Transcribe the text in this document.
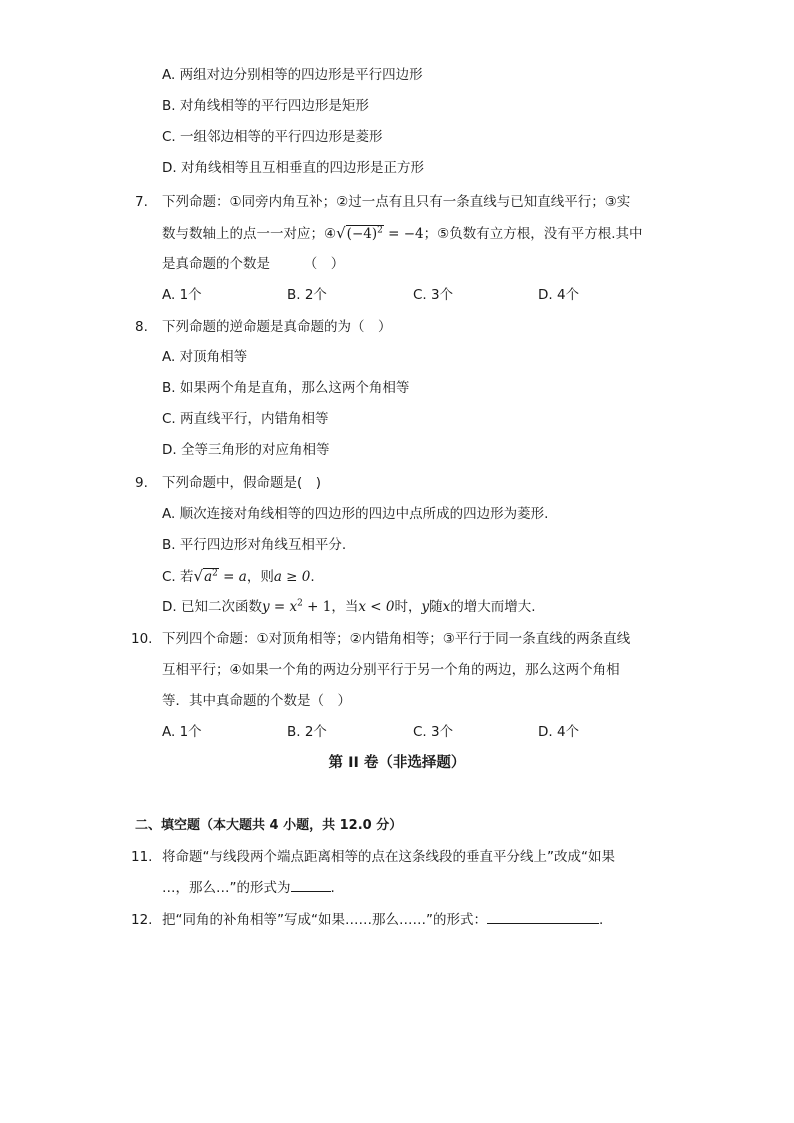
A. 两组对边分别相等的四边形是平行四边形
B. 对角线相等的平行四边形是矩形
C. 一组邻边相等的平行四边形是菱形
D. 对角线相等且互相垂直的四边形是正方形
7. 下列命题：①同旁内角互补；②过一点有且只有一条直线与已知直线平行；③实
数与数轴上的点一一对应；$④√(-4)^2 = -4$；⑤负数有立方根，没有平方根.其中
是真命题的个数是　　　（　）
A. 1个	B. 2个	C. 3个	D. 4个
8. 下列命题的逆命题是真命题的为（　）
A. 对顶角相等
B. 如果两个角是直角，那么这两个角相等
C. 两直线平行，内错角相等
D. 全等三角形的对应角相等
9. 下列命题中，假命题是(　)
A. 顺次连接对角线相等的四边形的四边中点所成的四边形为菱形.
B. 平行四边形对角线互相平分.
C. 若$√a^2 = a$，则a ≥ 0.
D. 已知二次函数$y = x^2 + 1$，当x < 0时，y随x的增大而增大.
10. 下列四个命题：①对顶角相等；②内错角相等；③平行于同一条直线的两条直线
互相平行；④如果一个角的两边分别平行于另一个角的两边，那么这两个角相
等．其中真命题的个数是（　）
A. 1个	B. 2个	C. 3个	D. 4个
第 II 卷（非选择题）
二、填空题（本大题共 4 小题，共 12.0 分）
11. 将命题“与线段两个端点距离相等的点在这条线段的垂直平分线上”改成“如果
…，那么…”的形式为	.
12. 把“同角的补角相等”写成“如果……那么……”的形式：	.
